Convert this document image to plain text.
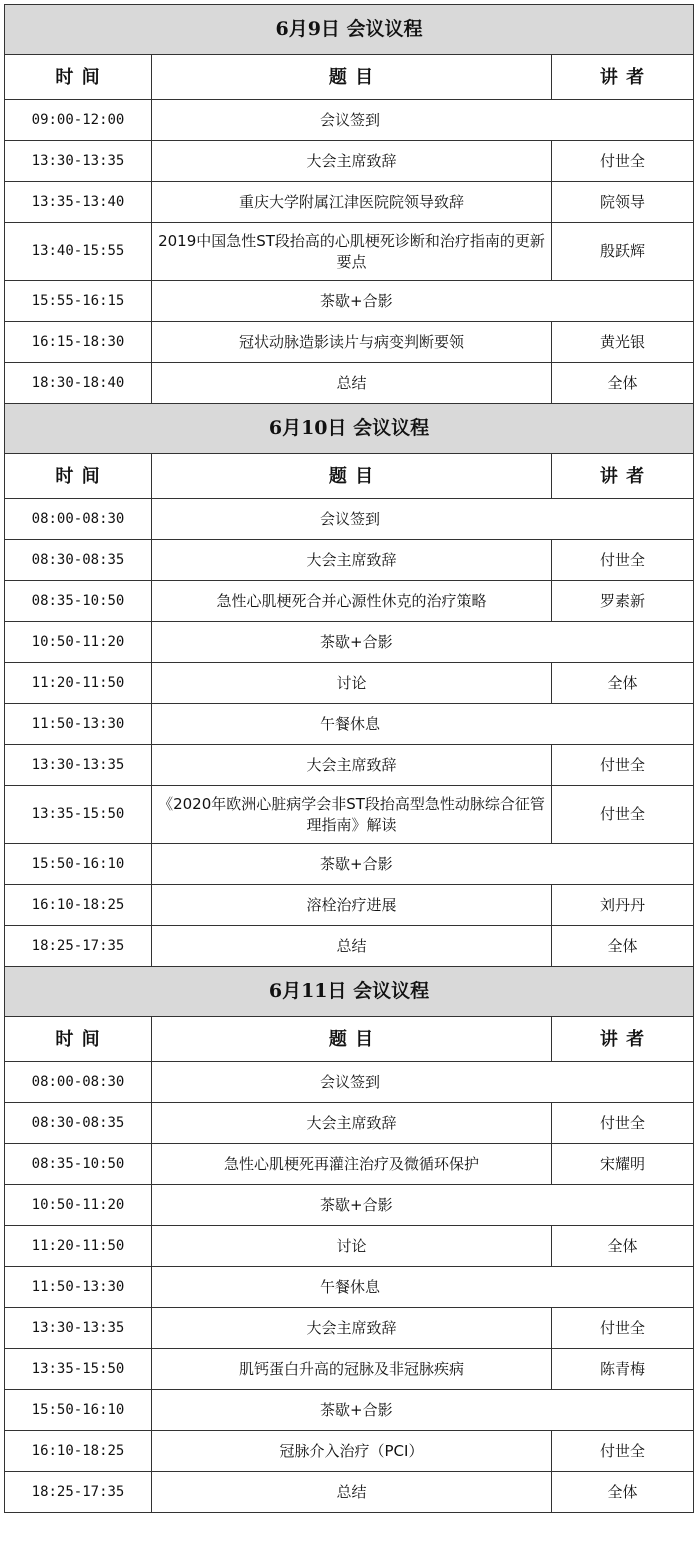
6月9日 会议议程		
时 间	题 目	讲 者
09:00-12:00	会议签到	
13:30-13:35	大会主席致辞	付世全
13:35-13:40	重庆大学附属江津医院院领导致辞	院领导
13:40-15:55	2019中国急性ST段抬高的心肌梗死诊断和治疗指南的更新要点	殷跃辉
15:55-16:15	茶歇+合影	
16:15-18:30	冠状动脉造影读片与病变判断要领	黄光银
18:30-18:40	总结	全体
6月10日 会议议程		
时 间	题 目	讲 者
08:00-08:30	会议签到	
08:30-08:35	大会主席致辞	付世全
08:35-10:50	急性心肌梗死合并心源性休克的治疗策略	罗素新
10:50-11:20	茶歇+合影	
11:20-11:50	讨论	全体
11:50-13:30	午餐休息	
13:30-13:35	大会主席致辞	付世全
13:35-15:50	《2020年欧洲心脏病学会非ST段抬高型急性动脉综合征管理指南》解读	付世全
15:50-16:10	茶歇+合影	
16:10-18:25	溶栓治疗进展	刘丹丹
18:25-17:35	总结	全体
6月11日 会议议程		
时 间	题 目	讲 者
08:00-08:30	会议签到	
08:30-08:35	大会主席致辞	付世全
08:35-10:50	急性心肌梗死再灌注治疗及微循环保护	宋耀明
10:50-11:20	茶歇+合影	
11:20-11:50	讨论	全体
11:50-13:30	午餐休息	
13:30-13:35	大会主席致辞	付世全
13:35-15:50	肌钙蛋白升高的冠脉及非冠脉疾病	陈青梅
15:50-16:10	茶歇+合影	
16:10-18:25	冠脉介入治疗（PCI）	付世全
18:25-17:35	总结	全体
